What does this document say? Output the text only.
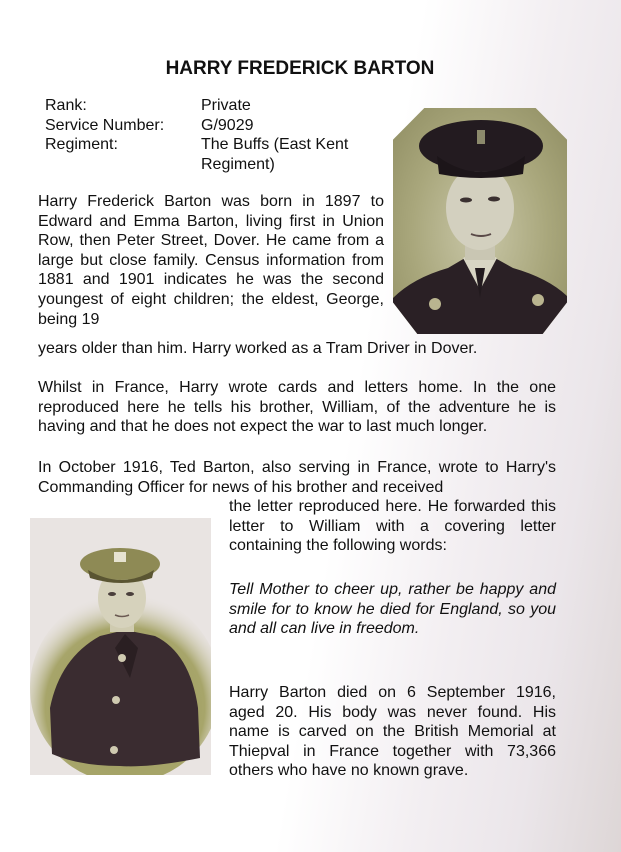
HARRY FREDERICK BARTON
Rank:	Private
Service Number:	G/9029
Regiment:	The Buffs (East Kent Regiment)
Harry Frederick Barton was born in 1897 to Edward and Emma Barton, living first in Union Row, then Peter Street, Dover. He came from a large but close family. Census information from 1881 and 1901 indicates he was the second youngest of eight children; the eldest, George, being 19
years older than him. Harry worked as a Tram Driver in Dover.
Whilst in France, Harry wrote cards and letters home. In the one reproduced here he tells his brother, William, of the adventure he is having and that he does not expect the war to last much longer.
In October 1916, Ted Barton, also serving in France, wrote to Harry's Commanding Officer for news of his brother and received
the letter reproduced here. He forwarded this letter to William with a covering letter containing the following words:
Tell Mother to cheer up, rather be happy and smile for to know he died for England, so you and all can live in freedom.
Harry Barton died on 6 September 1916, aged 20. His body was never found. His name is carved on the British Memorial at Thiepval in France together with 73,366 others who have no known grave.
